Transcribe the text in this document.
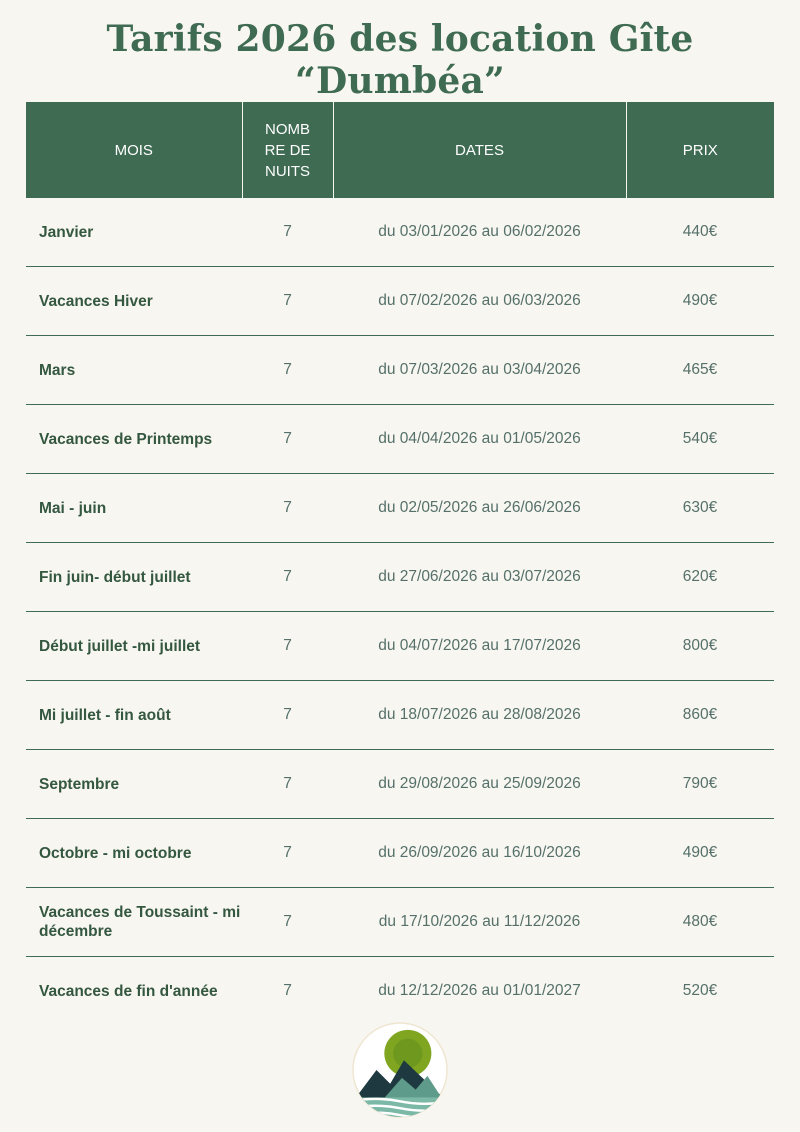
Tarifs 2026 des location Gîte “Dumbéa”
MOIS	NOMBRE DE NUITS	DATES	PRIX
Janvier	7	du 03/01/2026 au 06/02/2026	440€
Vacances Hiver	7	du 07/02/2026 au 06/03/2026	490€
Mars	7	du 07/03/2026 au 03/04/2026	465€
Vacances de Printemps	7	du 04/04/2026 au 01/05/2026	540€
Mai - juin	7	du 02/05/2026 au 26/06/2026	630€
Fin juin- début juillet	7	du 27/06/2026 au 03/07/2026	620€
Début juillet -mi juillet	7	du 04/07/2026 au 17/07/2026	800€
Mi juillet - fin août	7	du 18/07/2026 au 28/08/2026	860€
Septembre	7	du 29/08/2026 au 25/09/2026	790€
Octobre - mi octobre	7	du 26/09/2026 au 16/10/2026	490€
Vacances de Toussaint - mi décembre	7	du 17/10/2026 au 11/12/2026	480€
Vacances de fin d'année	7	du 12/12/2026 au 01/01/2027	520€
